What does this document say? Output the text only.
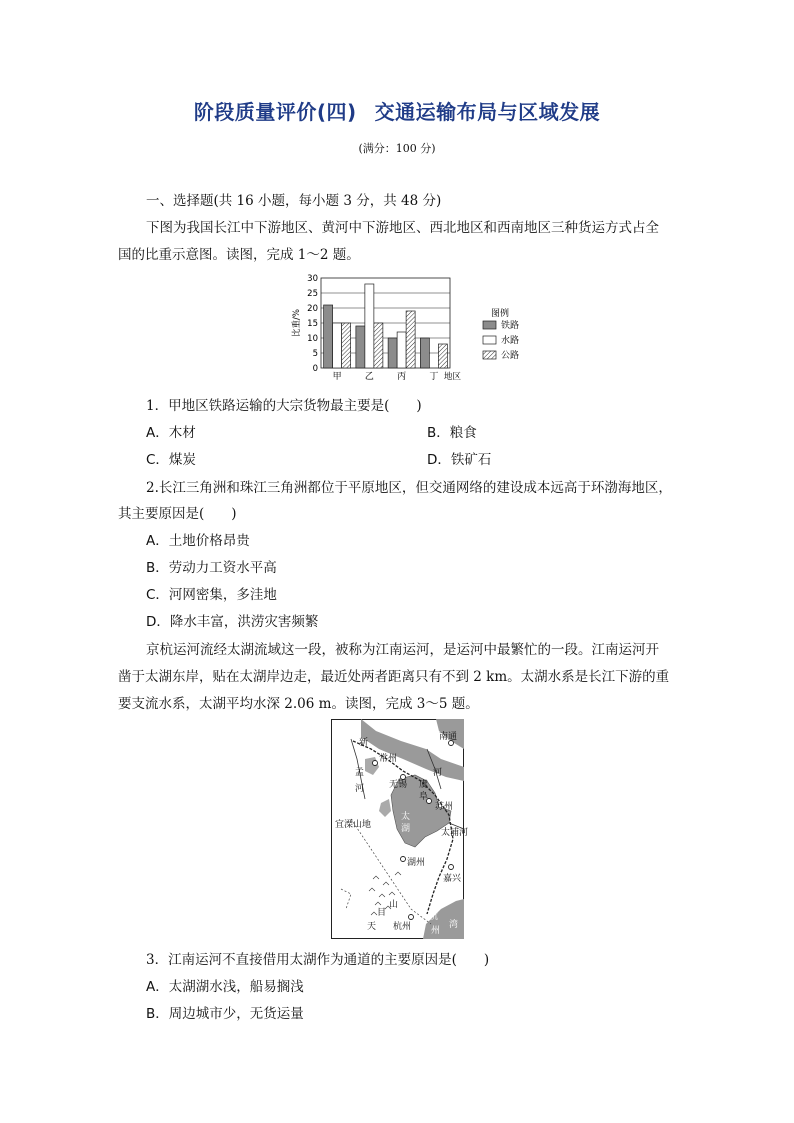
阶段质量评价(四) 交通运输布局与区域发展
(满分：100 分)
一、选择题(共 16 小题，每小题 3 分，共 48 分)
下图为我国长江中下游地区、黄河中下游地区、西北地区和西南地区三种货运方式占全
国的比重示意图。读图，完成 1～2 题。
30
25
20
15
10
5
0
比重/%
甲	乙	丙	丁 地区
图例
铁路
水路
公路
1．甲地区铁路运输的大宗货物最主要是(　　)
A．木材	B．粮食
C．煤炭	D．铁矿石
2.长江三角洲和珠江三角洲都位于平原地区，但交通网络的建设成本远高于环渤海地区，
其主要原因是(　　)
A．土地价格昂贵
B．劳动力工资水平高
C．河网密集，多洼地
D．降水丰富，洪涝灾害频繁
京杭运河流经太湖流域这一段，被称为江南运河，是运河中最繁忙的一段。江南运河开
凿于太湖东岸，贴在太湖岸边走，最近处两者距离只有不到 2 km。太湖水系是长江下游的重
要支流水系，太湖平均水深 2.06 m。读图，完成 3～5 题。
南通
新
常州
孟
河	无锡
河
虞
阜
苏州
宜溧山地
太
湖	太浦河
湖州
嘉兴
山
目
天 杭州
杭
州
湾
3．江南运河不直接借用太湖作为通道的主要原因是(　　)
A．太湖湖水浅，船易搁浅
B．周边城市少，无货运量
